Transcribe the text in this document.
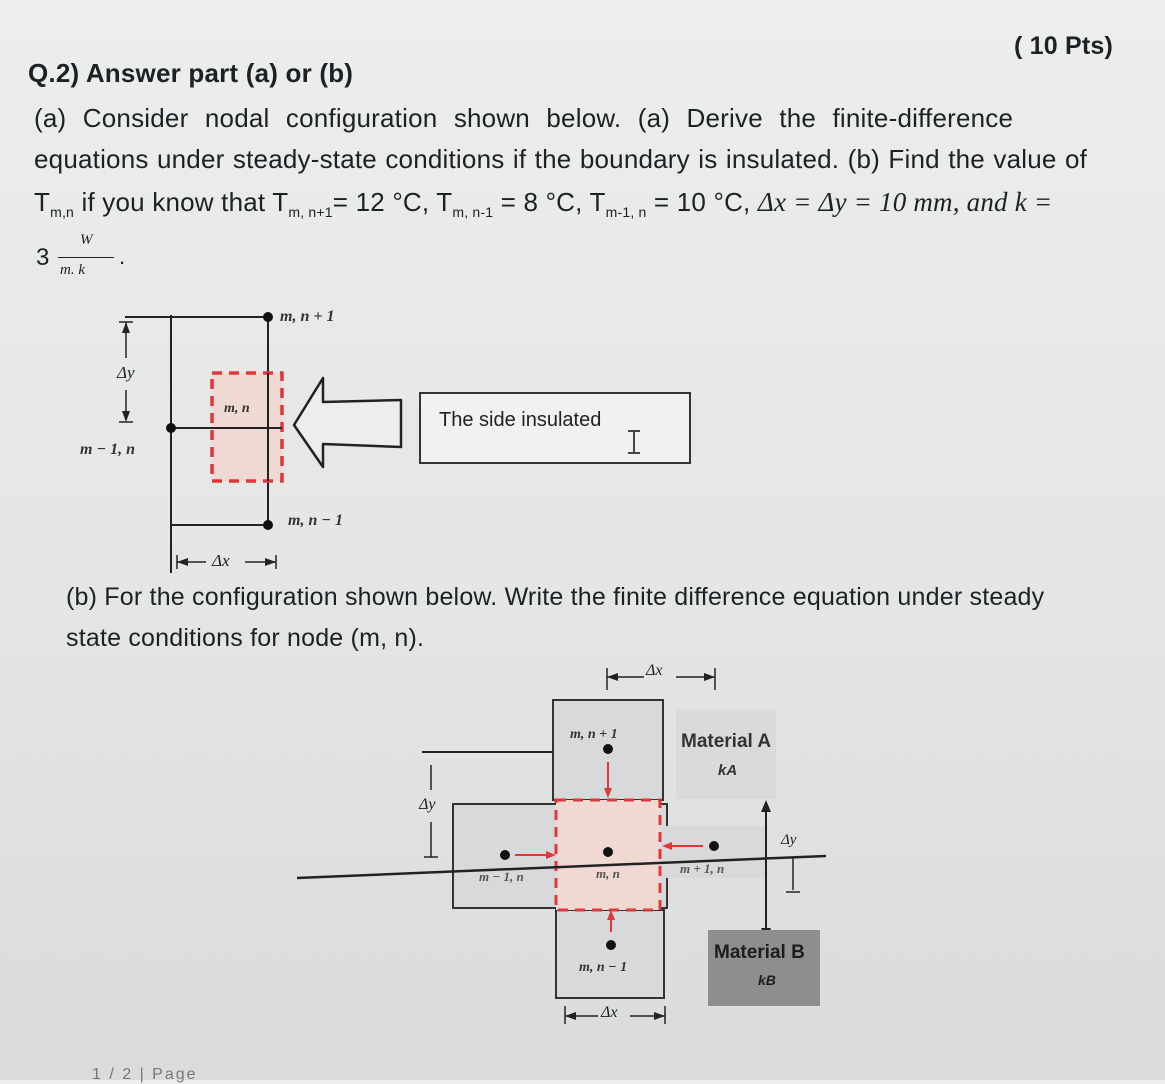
( 10 Pts)

Q.2) Answer part (a) or (b)

(a) Consider nodal configuration shown below. (a) Derive the finite-difference

equations under steady-state conditions if the boundary is insulated. (b) Find the value of

$T_{m,n}$ if you know that $T_{m, n+1}= 12$ °C, $T_{m, n-1} = 8$ °C, $T_{m-1, n} = 10$ °C, Δx = Δy = 10 mm, and k =

3
W
m. k
.

m, n + 1

m, n

m − 1, n

m, n − 1

Δy

Δx

The side insulated

(b) For the configuration shown below. Write the finite difference equation under steady

state conditions for node (m, n).

Δx

Δx

Δy

Δy

m, n + 1

m, n

m − 1, n

m + 1, n

m, n − 1

Material A
kA
Material B
kB

1 / 2 | Page
